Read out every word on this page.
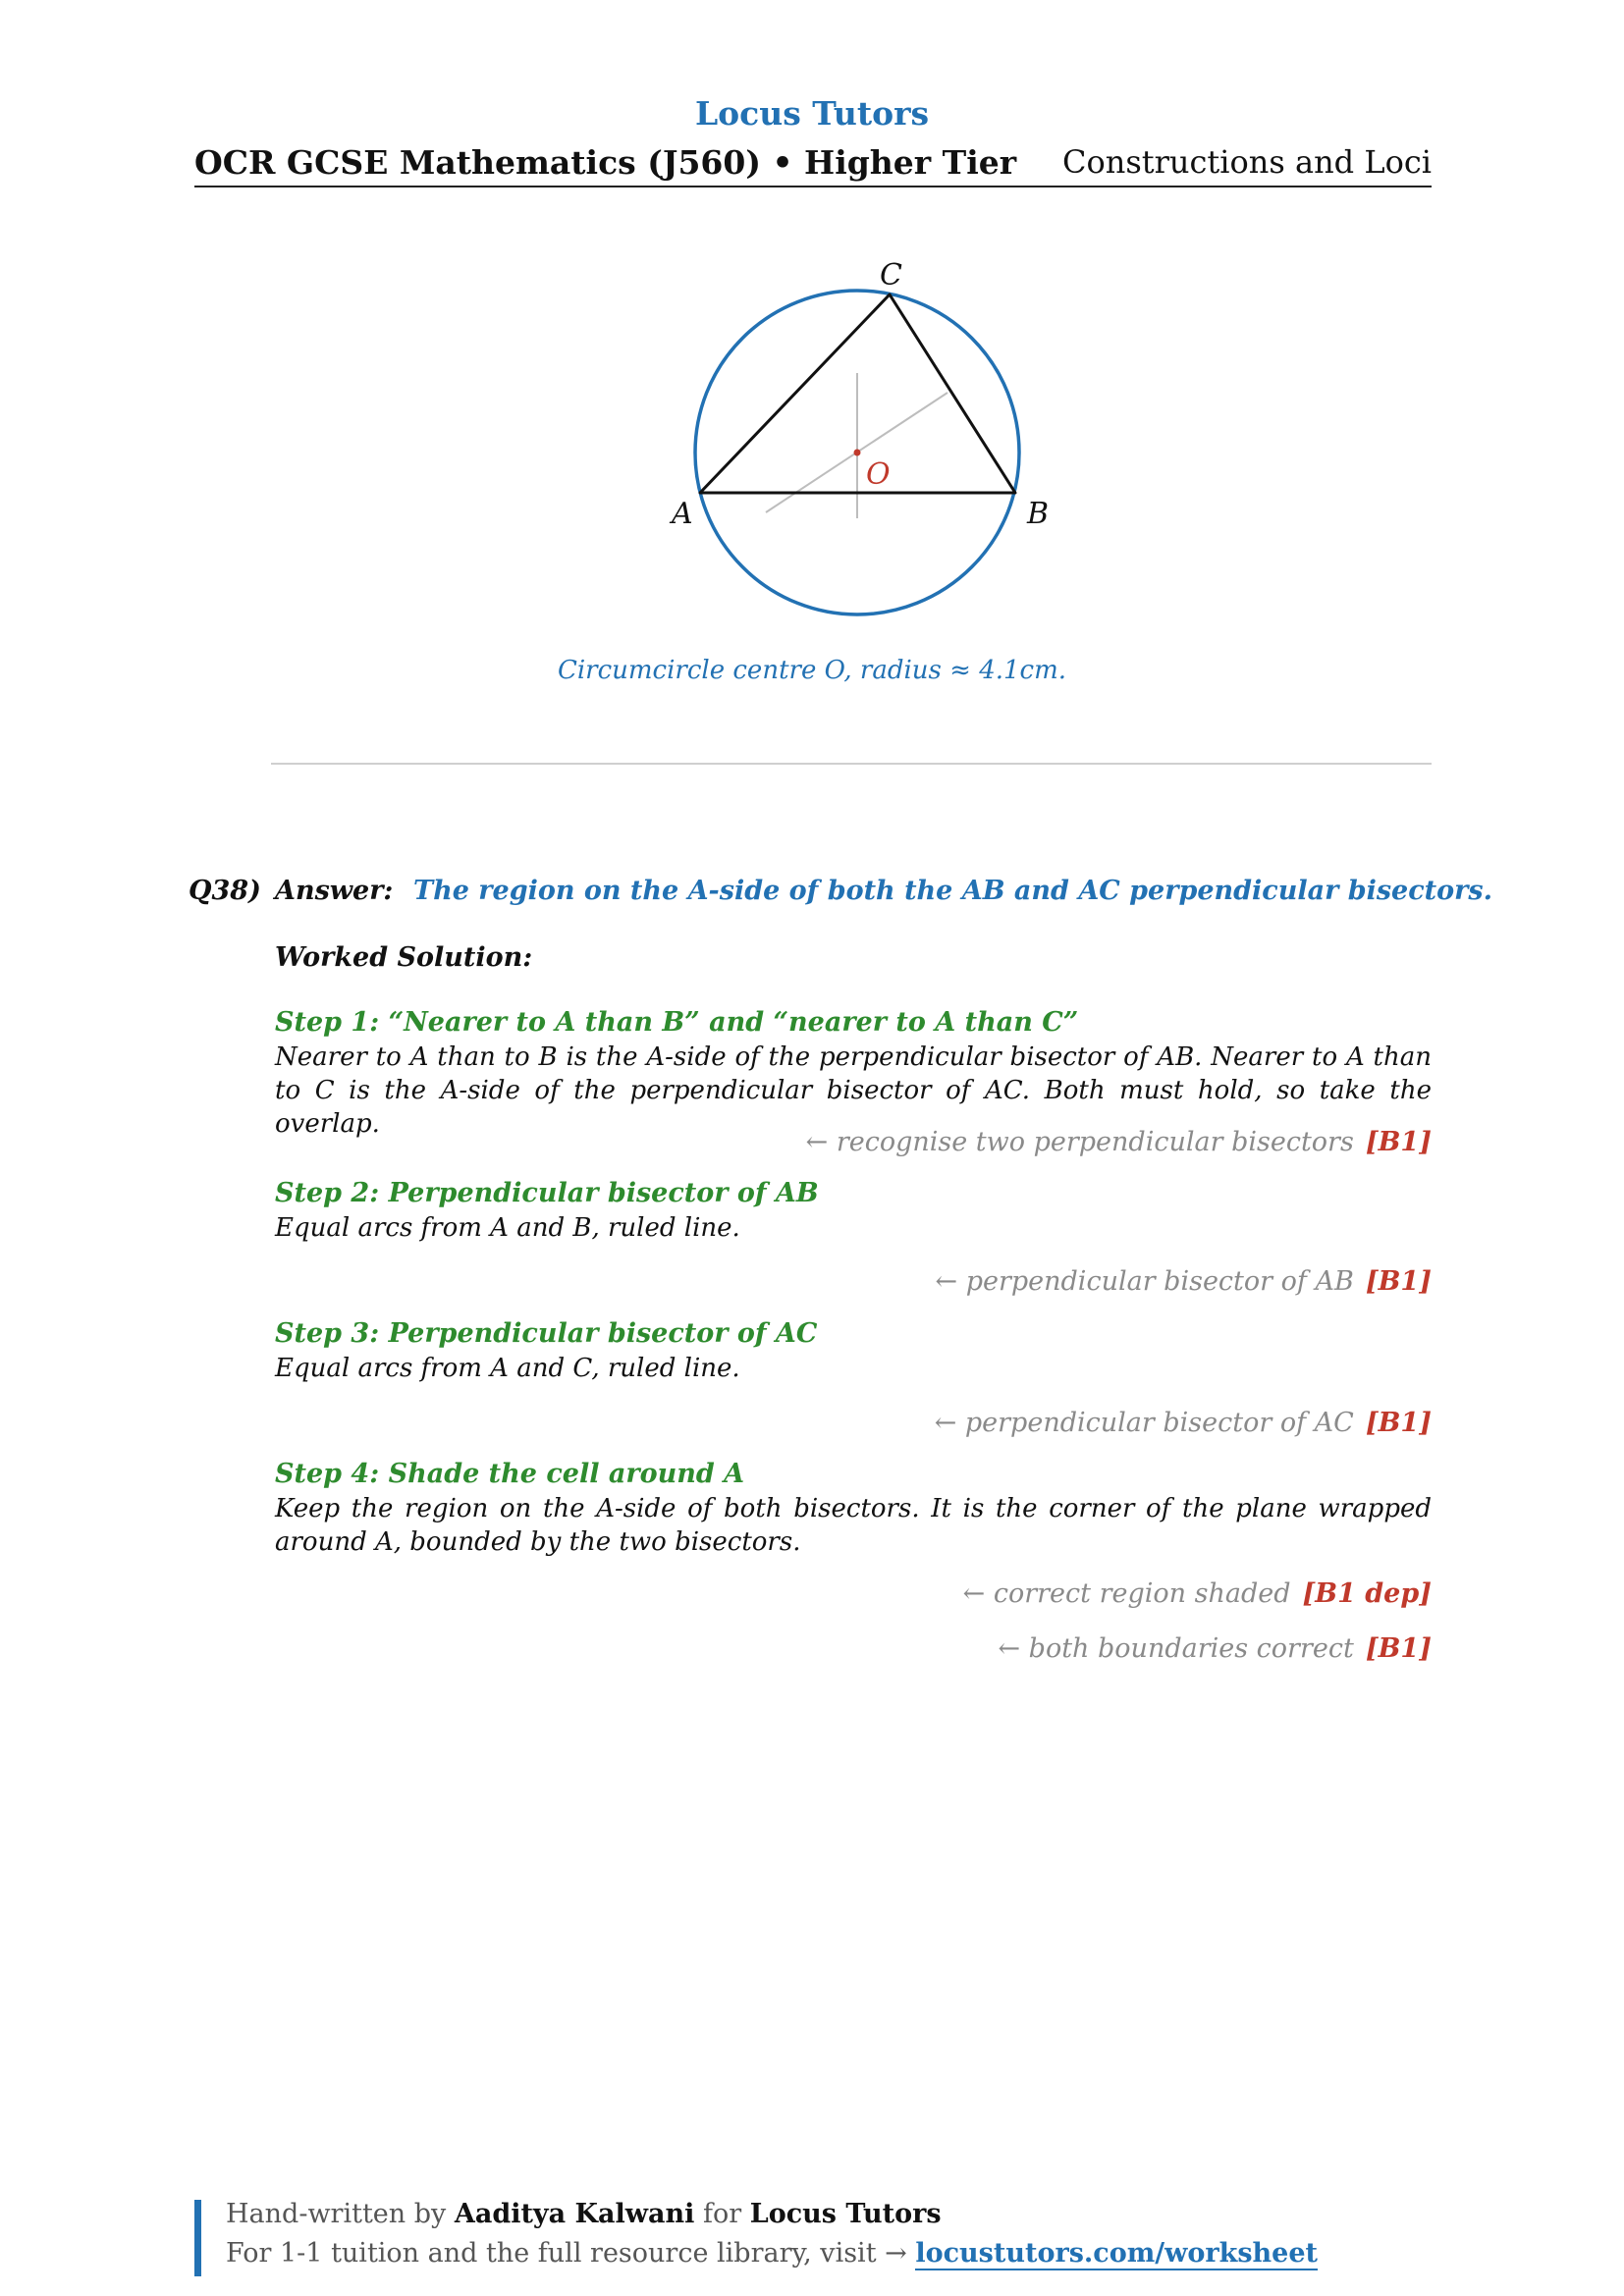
Locus Tutors
OCR GCSE Mathematics (J560) • Higher Tier Constructions and Loci
C
A	B
O
Circumcircle centre O, radius ≈ 4.1cm.
Q38) Answer: The region on the A-side of both the AB and AC perpendicular bisectors.
Worked Solution:
Step 1: “Nearer to A than B” and “nearer to A than C”
Nearer to A than to B is the A-side of the perpendicular bisector of AB. Nearer to A than to C is the A-side of the perpendicular bisector of AC. Both must hold, so take the overlap.
← recognise two perpendicular bisectors [B1]
Step 2: Perpendicular bisector of AB
Equal arcs from A and B, ruled line.
← perpendicular bisector of AB [B1]
Step 3: Perpendicular bisector of AC
Equal arcs from A and C, ruled line.
← perpendicular bisector of AC [B1]
Step 4: Shade the cell around A
Keep the region on the A-side of both bisectors. It is the corner of the plane wrapped around A, bounded by the two bisectors.
← correct region shaded [B1 dep]
← both boundaries correct [B1]
Hand-written by Aaditya Kalwani for Locus Tutors
For 1-1 tuition and the full resource library, visit → locustutors.com/worksheet
